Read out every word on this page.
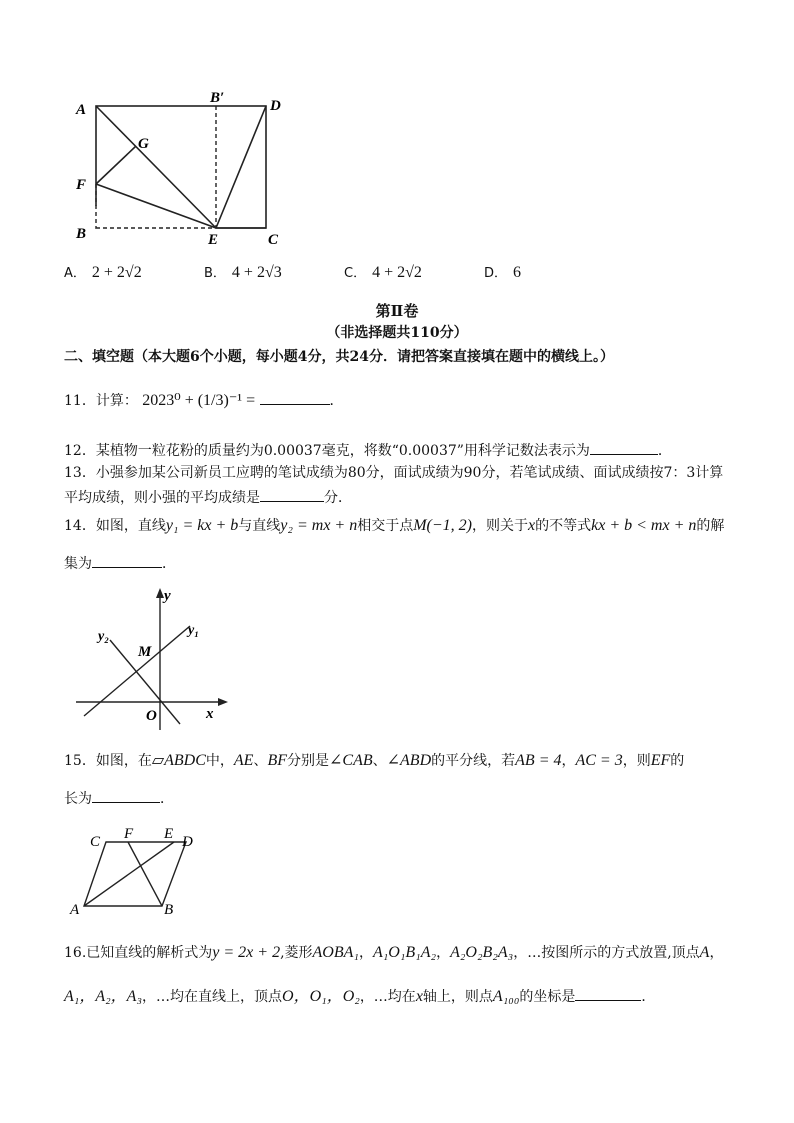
A
B′	D
G
F
B	E	C
A． 2 + 2√2	B． 4 + 2√3	C． 4 + 2√2	D． 6
第Ⅱ卷
（非选择题共110分）
二、填空题（本大题6个小题，每小题4分，共24分．请把答案直接填在题中的横线上。）
11．计算： 2023⁰ + (1/3)⁻¹ =	．
12．某植物一粒花粉的质量约为0.00037毫克，将数“0.00037”用科学记数法表示为	．
13．小强参加某公司新员工应聘的笔试成绩为80分，面试成绩为90分，若笔试成绩、面试成绩按7：3计算
平均成绩，则小强的平均成绩是	分．
14．如图，直线y₁ = kx + b与直线y₂ = mx + n相交于点M(−1, 2)，则关于x的不等式kx + b < mx + n的解
集为	．
y
y₂	y₁
M
O	x
15．如图，在▱ABDC中，AE、BF分别是∠CAB、∠ABD的平分线，若AB = 4，AC = 3，则EF的
长为	．
C F E D
A	B
16.已知直线的解析式为y = 2x + 2,菱形AOBA₁，A₁O₁B₁A₂，A₂O₂B₂A₃，…按图所示的方式放置,顶点A，
A₁，A₂，A₃，…均在直线上，顶点O，O₁，O₂，…均在x轴上，则点A₁₀₀的坐标是	．
